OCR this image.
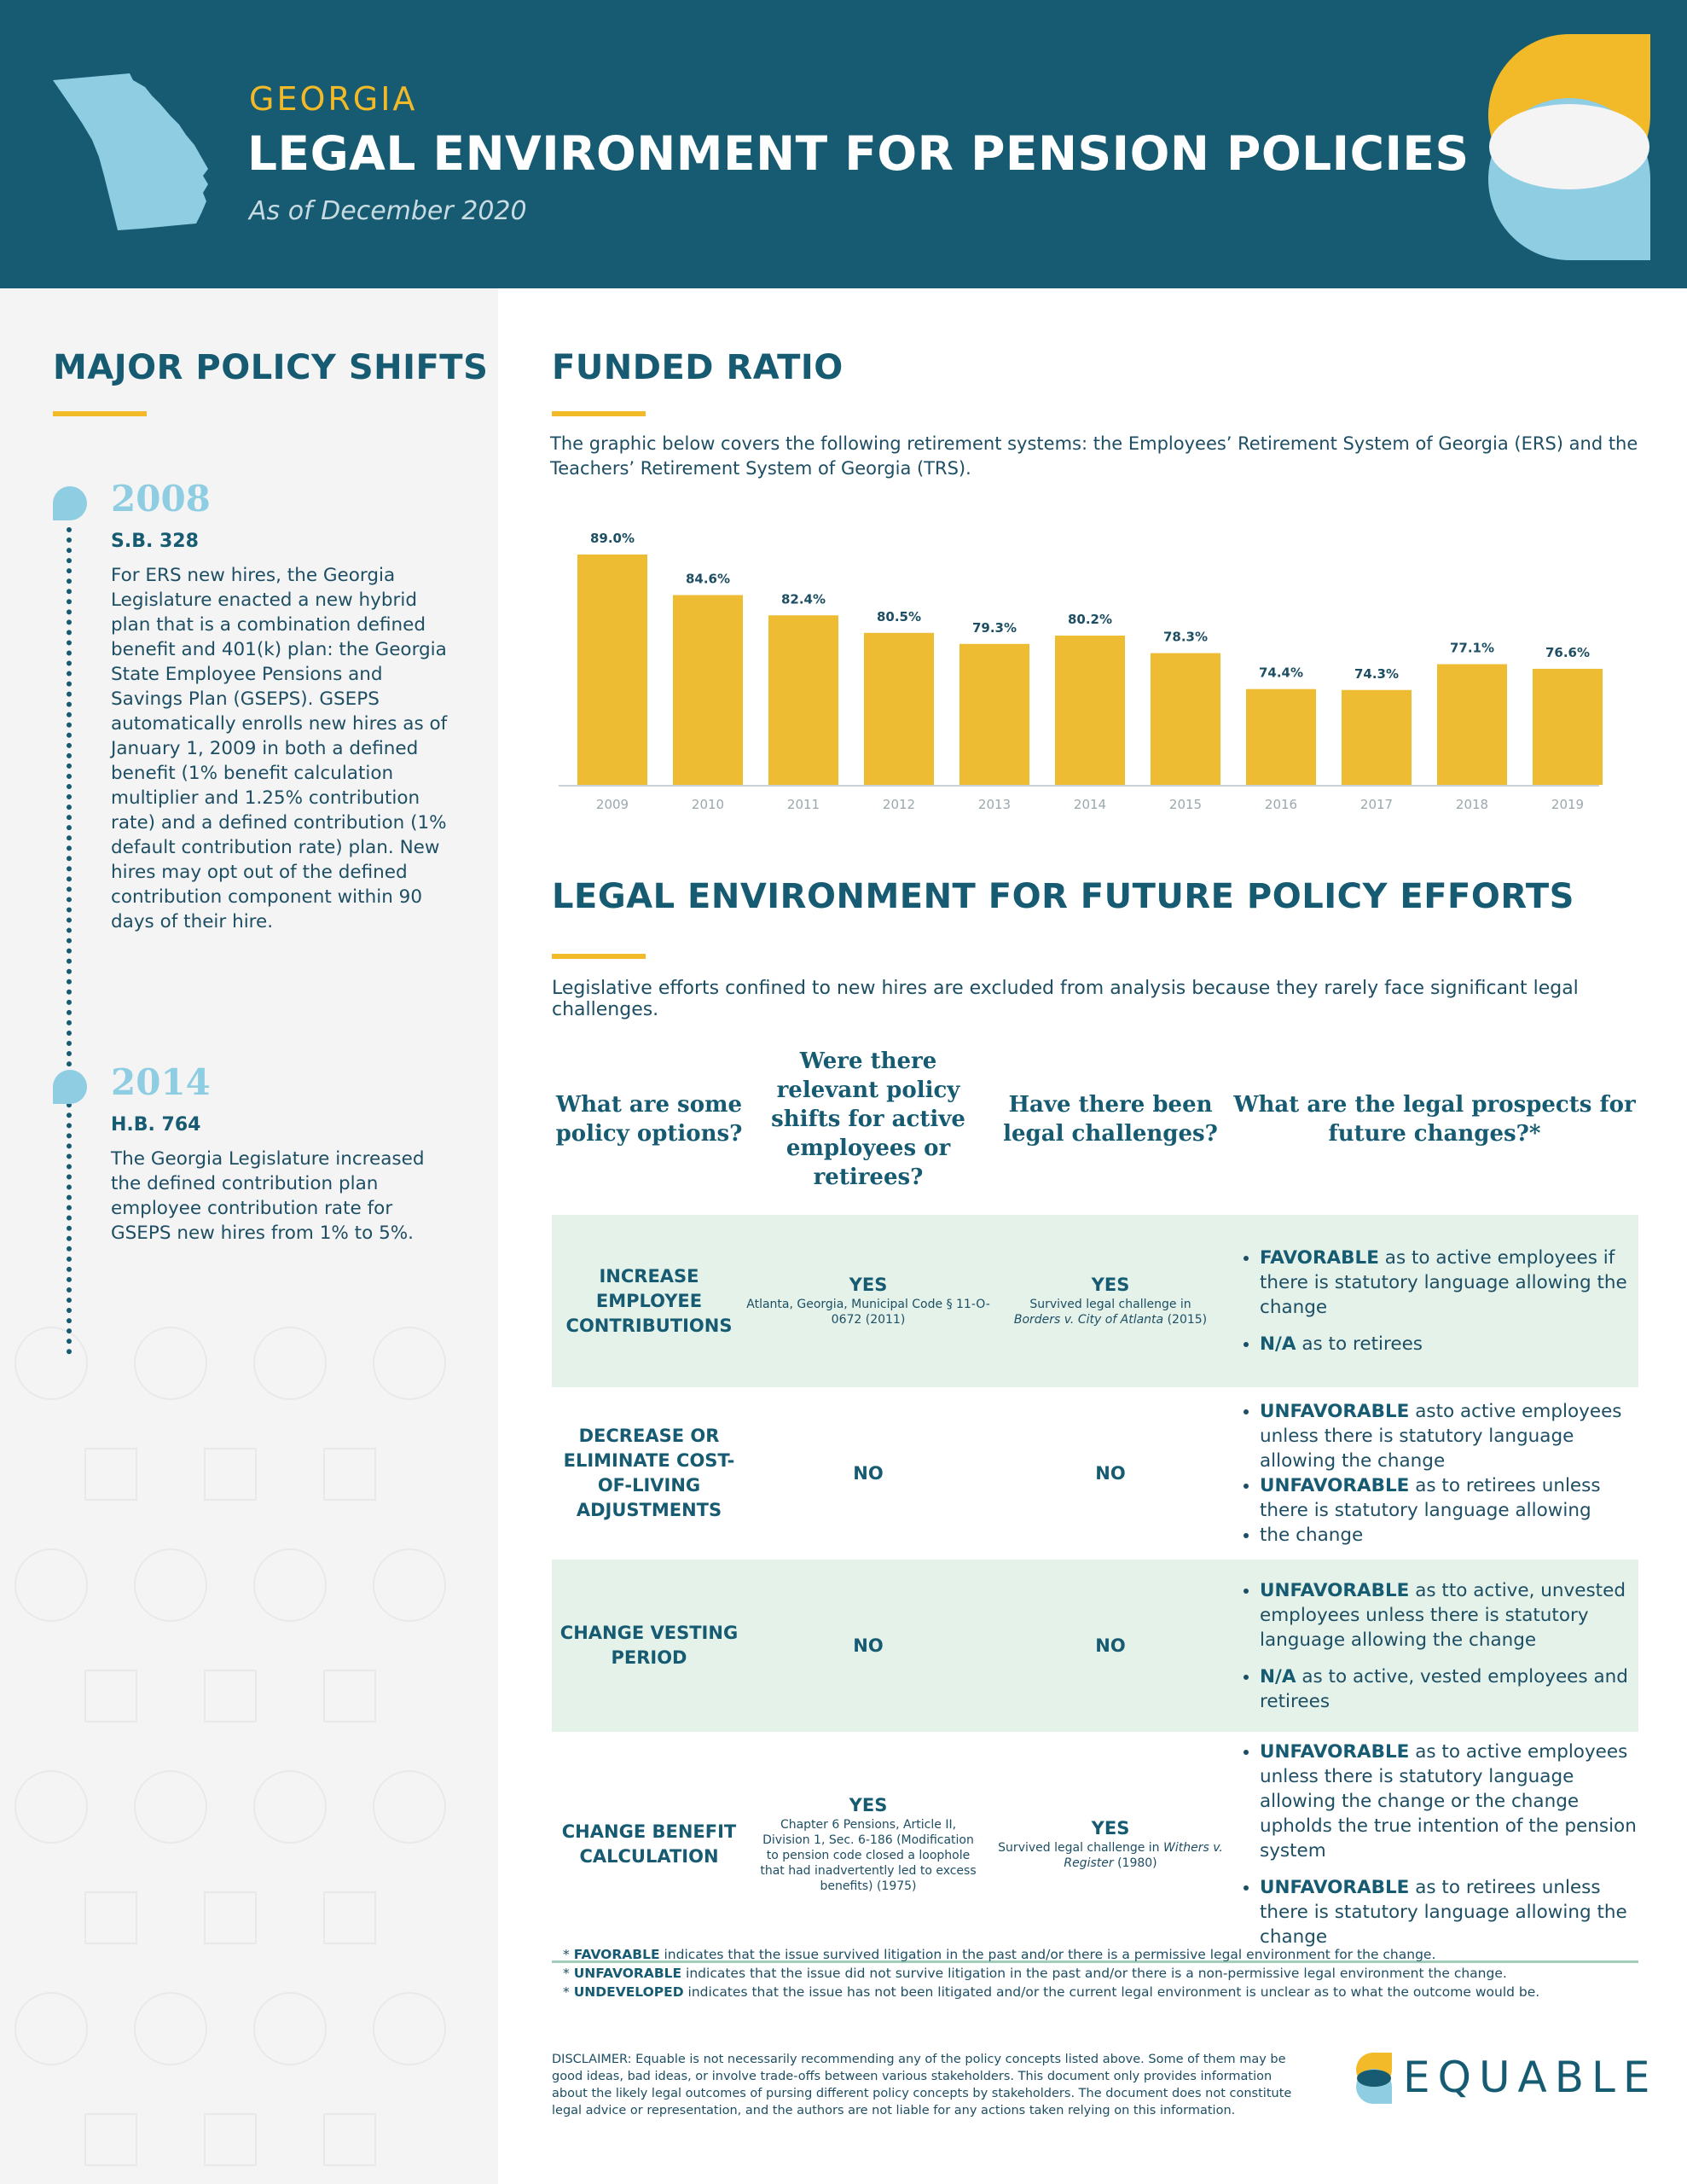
GEORGIA
LEGAL ENVIRONMENT FOR PENSION POLICIES
As of December 2020
MAJOR POLICY SHIFTS
2008
S.B. 328
For ERS new hires, the Georgia Legislature enacted a new hybrid plan that is a combination defined benefit and 401(k) plan: the Georgia State Employee Pensions and Savings Plan (GSEPS). GSEPS automatically enrolls new hires as of January 1, 2009 in both a defined benefit (1% benefit calculation multiplier and 1.25% contribution rate) and a defined contribution (1% default contribution rate) plan. New hires may opt out of the defined contribution component within 90 days of their hire.
2014
H.B. 764
The Georgia Legislature increased the defined contribution plan employee contribution rate for GSEPS new hires from 1% to 5%.
FUNDED RATIO
The graphic below covers the following retirement systems: the Employees’ Retirement System of Georgia (ERS) and the Teachers’ Retirement System of Georgia (TRS).
89.0%
2009
84.6%
2010
82.4%
2011
80.5%
2012
79.3%
2013
80.2%
2014
78.3%
2015
74.4%
2016
74.3%
2017
77.1%
2018
76.6%
2019
LEGAL ENVIRONMENT FOR FUTURE POLICY EFFORTS
Legislative efforts confined to new hires are excluded from analysis because they rarely face significant legal challenges.
What are some policy options?
Were there relevant policy shifts for active employees or retirees?
Have there been legal challenges?
What are the legal prospects for future changes?*
INCREASE EMPLOYEE CONTRIBUTIONS
YES
Atlanta, Georgia, Municipal Code § 11-O-0672 (2011)
YES
Survived legal challenge in
Borders v. City of Atlanta (2015)
• FAVORABLE as to active employees if there is statutory language allowing the change
• N/A as to retirees
DECREASE OR ELIMINATE COST-OF-LIVING ADJUSTMENTS
NO	NO
• UNFAVORABLE asto active employees unless there is statutory language allowing the change
• UNFAVORABLE as to retirees unless there is statutory language allowing
• the change
CHANGE VESTING PERIOD
NO	NO
• UNFAVORABLE as tto active, unvested employees unless there is statutory language allowing the change
• N/A as to active, vested employees and retirees
CHANGE BENEFIT CALCULATION
YES
Chapter 6 Pensions, Article II, Division 1, Sec. 6-186 (Modification to pension code closed a loophole that had inadvertently led to excess benefits) (1975)
YES
Survived legal challenge in Withers v. Register (1980)
• UNFAVORABLE as to active employees unless there is statutory language allowing the change or the change upholds the true intention of the pension system
• UNFAVORABLE as to retirees unless there is statutory language allowing the change
* FAVORABLE indicates that the issue survived litigation in the past and/or there is a permissive legal environment for the change.
* UNFAVORABLE indicates that the issue did not survive litigation in the past and/or there is a non-permissive legal environment the change.
* UNDEVELOPED indicates that the issue has not been litigated and/or the current legal environment is unclear as to what the outcome would be.
DISCLAIMER: Equable is not necessarily recommending any of the policy concepts listed above. Some of them may be good ideas, bad ideas, or involve trade-offs between various stakeholders. This document only provides information about the likely legal outcomes of pursing different policy concepts by stakeholders. The document does not constitute legal advice or representation, and the authors are not liable for any actions taken relying on this information.
EQUABLE
